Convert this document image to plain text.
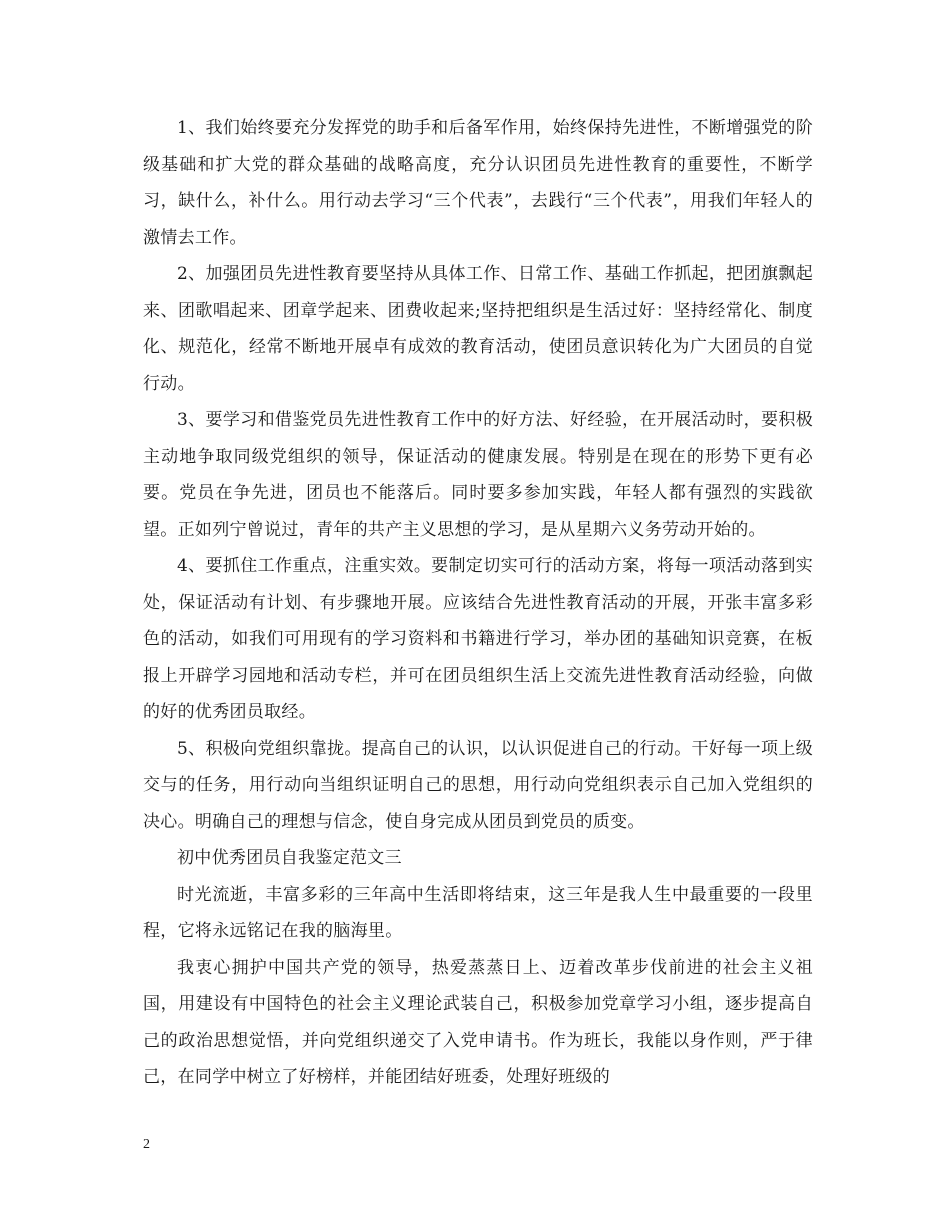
1、我们始终要充分发挥党的助手和后备军作用，始终保持先进性，不断增强党的阶级基础和扩大党的群众基础的战略高度，充分认识团员先进性教育的重要性，不断学习，缺什么，补什么。用行动去学习“三个代表”，去践行“三个代表”，用我们年轻人的激情去工作。

2、加强团员先进性教育要坚持从具体工作、日常工作、基础工作抓起，把团旗飘起来、团歌唱起来、团章学起来、团费收起来;坚持把组织是生活过好：坚持经常化、制度化、规范化，经常不断地开展卓有成效的教育活动，使团员意识转化为广大团员的自觉行动。

3、要学习和借鉴党员先进性教育工作中的好方法、好经验，在开展活动时，要积极主动地争取同级党组织的领导，保证活动的健康发展。特别是在现在的形势下更有必要。党员在争先进，团员也不能落后。同时要多参加实践，年轻人都有强烈的实践欲望。正如列宁曾说过，青年的共产主义思想的学习，是从星期六义务劳动开始的。

4、要抓住工作重点，注重实效。要制定切实可行的活动方案，将每一项活动落到实处，保证活动有计划、有步骤地开展。应该结合先进性教育活动的开展，开张丰富多彩色的活动，如我们可用现有的学习资料和书籍进行学习，举办团的基础知识竞赛，在板报上开辟学习园地和活动专栏，并可在团员组织生活上交流先进性教育活动经验，向做的好的优秀团员取经。

5、积极向党组织靠拢。提高自己的认识，以认识促进自己的行动。干好每一项上级交与的任务，用行动向当组织证明自己的思想，用行动向党组织表示自己加入党组织的决心。明确自己的理想与信念，使自身完成从团员到党员的质变。

初中优秀团员自我鉴定范文三

时光流逝，丰富多彩的三年高中生活即将结束，这三年是我人生中最重要的一段里程，它将永远铭记在我的脑海里。

我衷心拥护中国共产党的领导，热爱蒸蒸日上、迈着改革步伐前进的社会主义祖国，用建设有中国特色的社会主义理论武装自己，积极参加党章学习小组，逐步提高自己的政治思想觉悟，并向党组织递交了入党申请书。作为班长，我能以身作则，严于律己，在同学中树立了好榜样，并能团结好班委，处理好班级的

2
